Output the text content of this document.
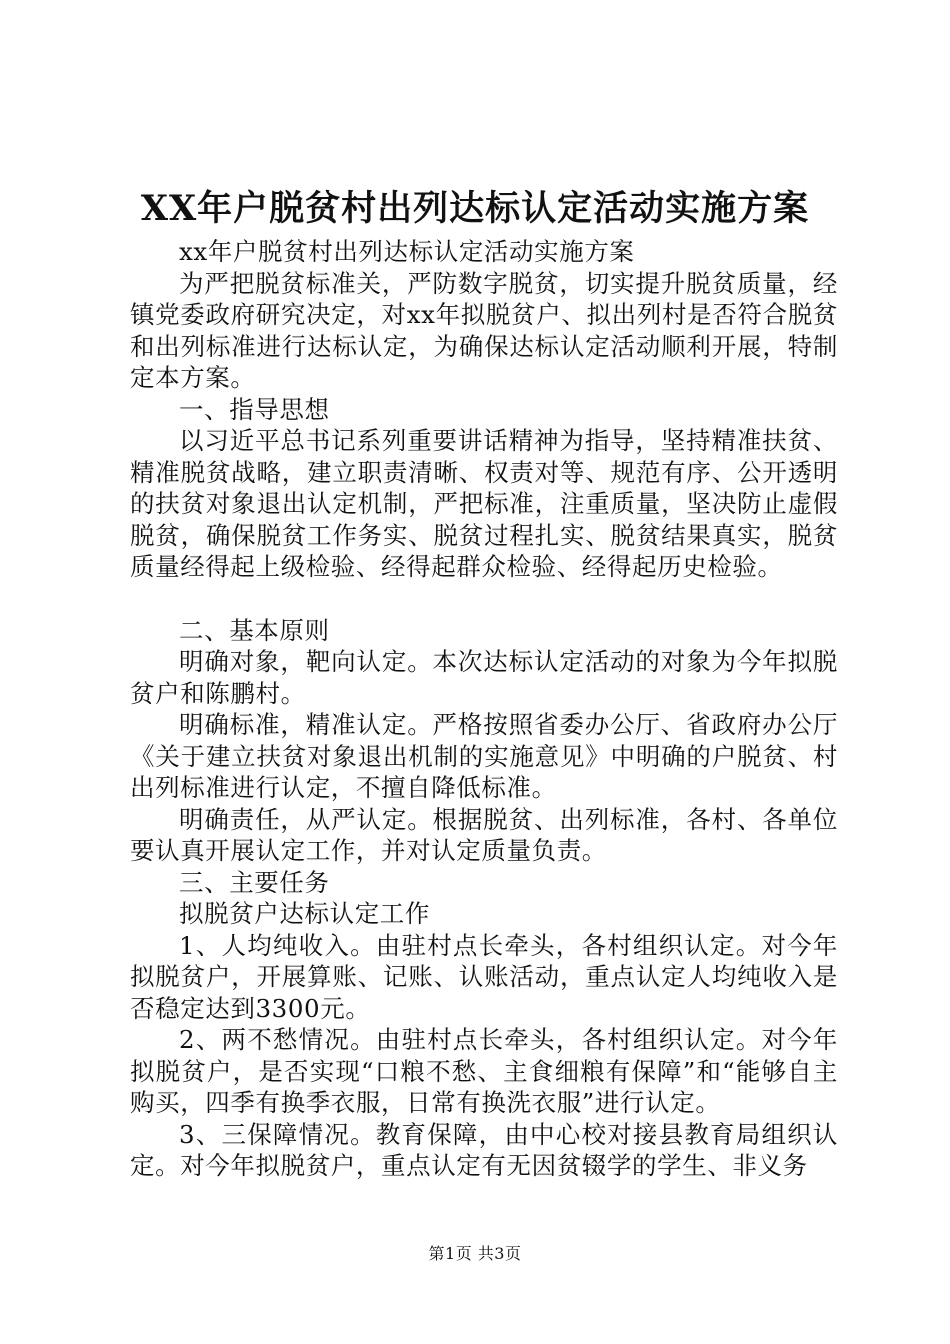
XX年户脱贫村出列达标认定活动实施方案

xx年户脱贫村出列达标认定活动实施方案

为严把脱贫标准关，严防数字脱贫，切实提升脱贫质量，经镇党委政府研究决定，对xx年拟脱贫户、拟出列村是否符合脱贫和出列标准进行达标认定，为确保达标认定活动顺利开展，特制定本方案。

一、指导思想

以习近平总书记系列重要讲话精神为指导，坚持精准扶贫、精准脱贫战略，建立职责清晰、权责对等、规范有序、公开透明的扶贫对象退出认定机制，严把标准，注重质量，坚决防止虚假脱贫，确保脱贫工作务实、脱贫过程扎实、脱贫结果真实，脱贫质量经得起上级检验、经得起群众检验、经得起历史检验。

二、基本原则

明确对象，靶向认定。本次达标认定活动的对象为今年拟脱贫户和陈鹏村。

明确标准，精准认定。严格按照省委办公厅、省政府办公厅《关于建立扶贫对象退出机制的实施意见》中明确的户脱贫、村出列标准进行认定，不擅自降低标准。

明确责任，从严认定。根据脱贫、出列标准，各村、各单位要认真开展认定工作，并对认定质量负责。

三、主要任务

拟脱贫户达标认定工作

1、人均纯收入。由驻村点长牵头，各村组织认定。对今年拟脱贫户，开展算账、记账、认账活动，重点认定人均纯收入是否稳定达到3300元。

2、两不愁情况。由驻村点长牵头，各村组织认定。对今年拟脱贫户，是否实现“口粮不愁、主食细粮有保障”和“能够自主购买，四季有换季衣服，日常有换洗衣服”进行认定。

3、三保障情况。教育保障，由中心校对接县教育局组织认定。对今年拟脱贫户，重点认定有无因贫辍学的学生、非义务

第1页 共3页
